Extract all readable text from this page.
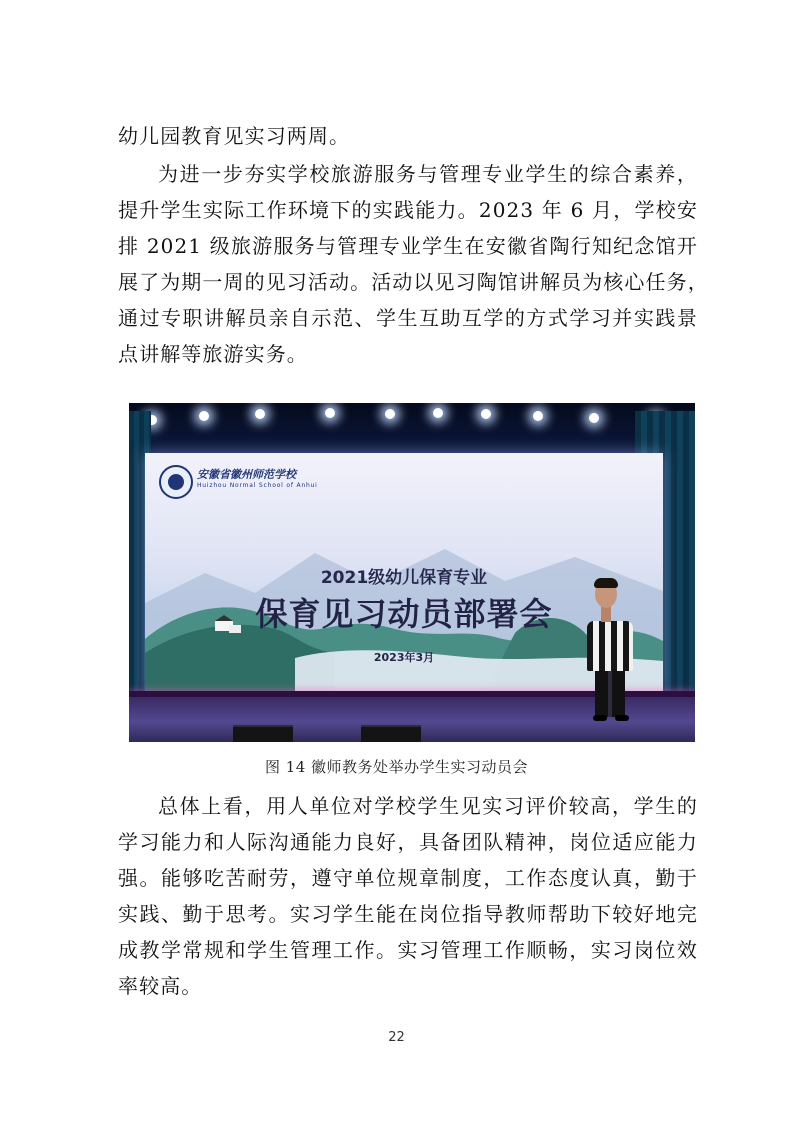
幼儿园教育见实习两周。
为进一步夯实学校旅游服务与管理专业学生的综合素养，
提升学生实际工作环境下的实践能力。2023 年 6 月，学校安
排 2021 级旅游服务与管理专业学生在安徽省陶行知纪念馆开
展了为期一周的见习活动。活动以见习陶馆讲解员为核心任务，
通过专职讲解员亲自示范、学生互助互学的方式学习并实践景
点讲解等旅游实务。
安徽省徽州师范学校
Huizhou Normal School of Anhui
2021级幼儿保育专业
保育见习动员部署会
2023年3月
图 14 徽师教务处举办学生实习动员会
总体上看，用人单位对学校学生见实习评价较高，学生的
学习能力和人际沟通能力良好，具备团队精神，岗位适应能力
强。能够吃苦耐劳，遵守单位规章制度，工作态度认真，勤于
实践、勤于思考。实习学生能在岗位指导教师帮助下较好地完
成教学常规和学生管理工作。实习管理工作顺畅，实习岗位效
率较高。
22
